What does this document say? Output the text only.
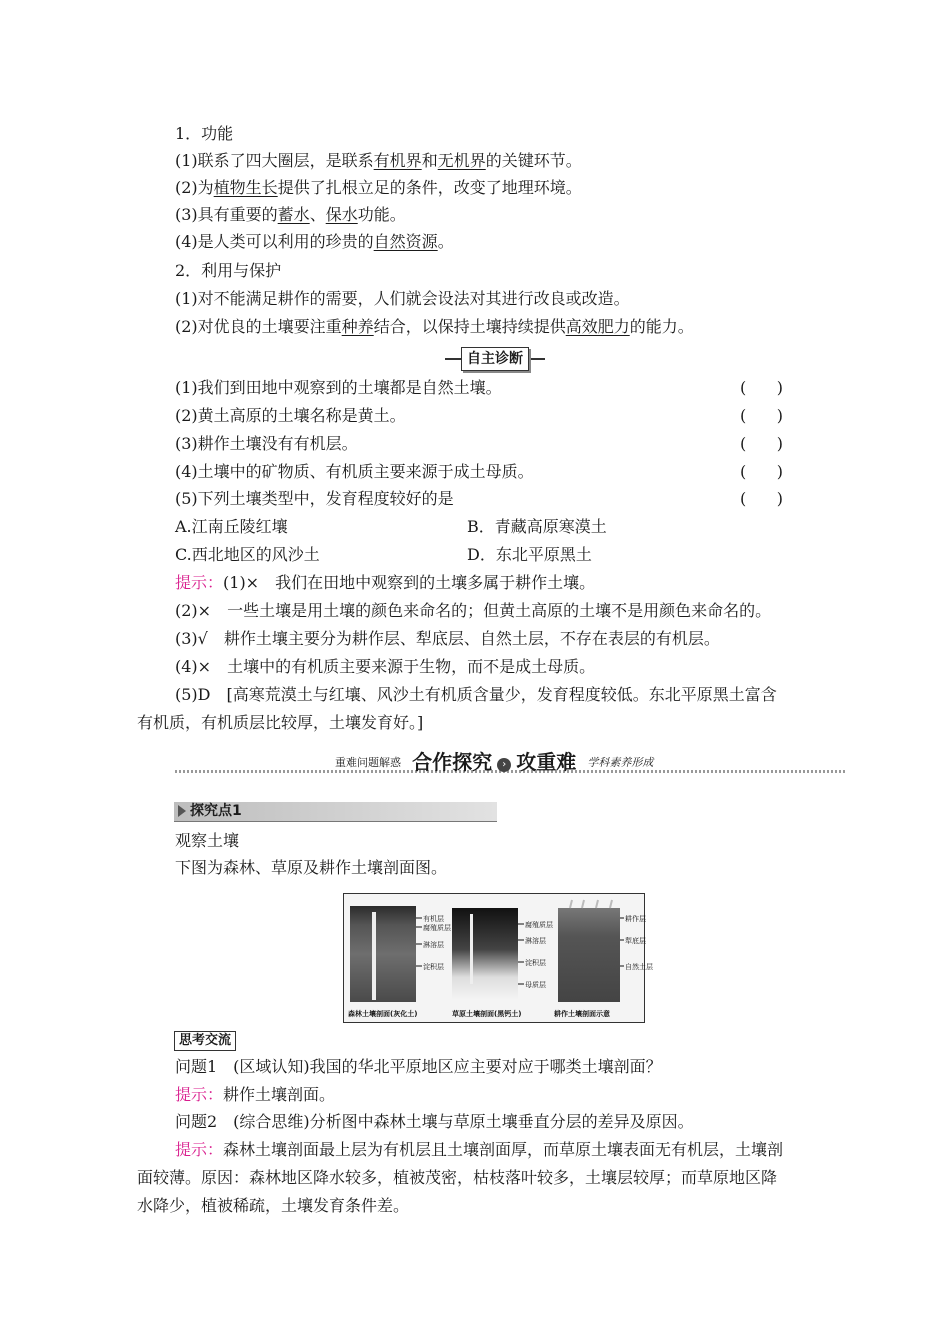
1．功能
(1)联系了四大圈层，是联系有机界和无机界的关键环节。
(2)为植物生长提供了扎根立足的条件，改变了地理环境。
(3)具有重要的蓄水、保水功能。
(4)是人类可以利用的珍贵的自然资源。
2．利用与保护
(1)对不能满足耕作的需要，人们就会设法对其进行改良或改造。
(2)对优良的土壤要注重种养结合，以保持土壤持续提供高效肥力的能力。
自主诊断
(1)我们到田地中观察到的土壤都是自然土壤。	(      )
(2)黄土高原的土壤名称是黄土。	(      )
(3)耕作土壤没有有机层。	(      )
(4)土壤中的矿物质、有机质主要来源于成土母质。	(      )
(5)下列土壤类型中，发育程度较好的是	(      )
A.江南丘陵红壤	B．青藏高原寒漠土
C.西北地区的风沙土	D．东北平原黑土
提示：(1)×　我们在田地中观察到的土壤多属于耕作土壤。
(2)×　一些土壤是用土壤的颜色来命名的；但黄土高原的土壤不是用颜色来命名的。
(3)√　耕作土壤主要分为耕作层、犁底层、自然土层，不存在表层的有机层。
(4)×　土壤中的有机质主要来源于生物，而不是成土母质。
(5)D　[高寒荒漠土与红壤、风沙土有机质含量少，发育程度较低。东北平原黑土富含
有机质，有机质层比较厚，土壤发育好。]
重难问题解惑 合作探究 › 攻重难 学科素养形成
探究点1
观察土壤
下图为森林、草原及耕作土壤剖面图。
有机层
腐殖质层
淋溶层
淀积层
腐殖质层
淋溶层
淀积层
母质层
耕作层
犁底层
自然土层
森林土壤剖面(灰化土)	草原土壤剖面(黑钙土)	耕作土壤剖面示意
思考交流
问题1　(区域认知)我国的华北平原地区应主要对应于哪类土壤剖面？
提示：耕作土壤剖面。
问题2　(综合思维)分析图中森林土壤与草原土壤垂直分层的差异及原因。
提示：森林土壤剖面最上层为有机层且土壤剖面厚，而草原土壤表面无有机层，土壤剖
面较薄。原因：森林地区降水较多，植被茂密，枯枝落叶较多，土壤层较厚；而草原地区降
水降少，植被稀疏，土壤发育条件差。
